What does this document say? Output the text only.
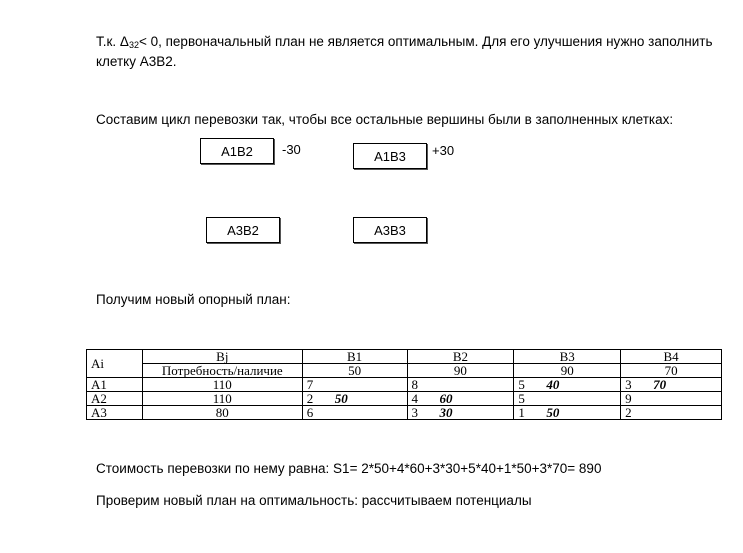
Т.к. $\Delta_{32}< 0$, первоначальный план не является оптимальным. Для его улучшения нужно заполнить
клетку А3В2.
Составим цикл перевозки так, чтобы все остальные вершины были в заполненных клетках:
A1B2	-30	A1B3	+30
A3B2	A3B3
Получим новый опорный план:
Ai	Bj	B1	B2	B3	B4
	Потребность/наличие	50	90	90	70
A1	110	7	8	5 40	3 70
A2	110	2 50	4 60	5	9
A3	80	6	3 30	1 50	2
Стоимость перевозки по нему равна: S1= 2*50+4*60+3*30+5*40+1*50+3*70= 890
Проверим новый план на оптимальность: рассчитываем потенциалы
